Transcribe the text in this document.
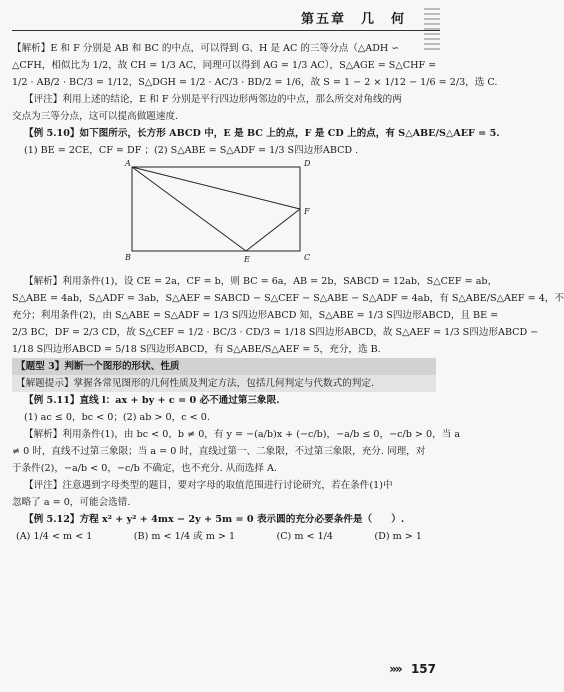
第五章　几　何

【解析】E 和 F 分别是 AB 和 BC 的中点，可以得到 G、H 是 AC 的三等分点（△ADH ∽

△CFH，相似比为 1/2，故 CH = 1/3 AC，同理可以得到 AG = 1/3 AC），S△AGE = S△CHF =

1/2 · AB/2 · BC/3 = 1/12，S△DGH = 1/2 · AC/3 · BD/2 = 1/6，故 S = 1 − 2 × 1/12 − 1/6 = 2/3，选 C.

【评注】利用上述的结论，E 和 F 分别是平行四边形两邻边的中点，那么所交对角线的两

交点为三等分点，这可以提高做题速度.

【例 5.10】如下图所示，长方形 ABCD 中，E 是 BC 上的点，F 是 CD 上的点，有 S△ABE/S△AEF = 5.

(1) BE = 2CE，CF = DF ；(2) S△ABE = S△ADF = 1/3 S四边形ABCD .

A	D
B	C
E
F

【解析】利用条件(1)，设 CE = 2a，CF = b，则 BC = 6a，AB = 2b，SABCD = 12ab，S△CEF = ab，

S△ABE = 4ab，S△ADF = 3ab，S△AEF = SABCD − S△CEF − S△ABE − S△ADF = 4ab，有 S△ABE/S△AEF = 4，不

充分；利用条件(2)，由 S△ABE = S△ADF = 1/3 S四边形ABCD 知，S△ABE = 1/3 S四边形ABCD，且 BE =

2/3 BC，DF = 2/3 CD，故 S△CEF = 1/2 · BC/3 · CD/3 = 1/18 S四边形ABCD，故 S△AEF = 1/3 S四边形ABCD −

1/18 S四边形ABCD = 5/18 S四边形ABCD，有 S△ABE/S△AEF = 5，充分，选 B.

【题型 3】判断一个图形的形状、性质

【解题提示】掌握各常见图形的几何性质及判定方法，包括几何判定与代数式的判定.

【例 5.11】直线 l：ax + by + c = 0 必不通过第三象限.

(1) ac ≤ 0，bc < 0；(2) ab > 0，c < 0.

【解析】利用条件(1)，由 bc < 0，b ≠ 0，有 y = −(a/b)x + (−c/b)，−a/b ≤ 0，−c/b > 0，当 a

≠ 0 时，直线不过第三象限；当 a = 0 时，直线过第一、二象限，不过第三象限，充分. 同理，对

于条件(2)，−a/b < 0，−c/b 不确定，也不充分. 从而选择 A.

【评注】注意遇到字母类型的题目，要对字母的取值范围进行讨论研究，若在条件(1)中

忽略了 a = 0，可能会选错.

【例 5.12】方程 x² + y² + 4mx − 2y + 5m = 0 表示圆的充分必要条件是（　　）.

(A) 1/4 < m < 1	(B) m < 1/4 或 m > 1	(C) m < 1/4	(D) m > 1
»» 157
